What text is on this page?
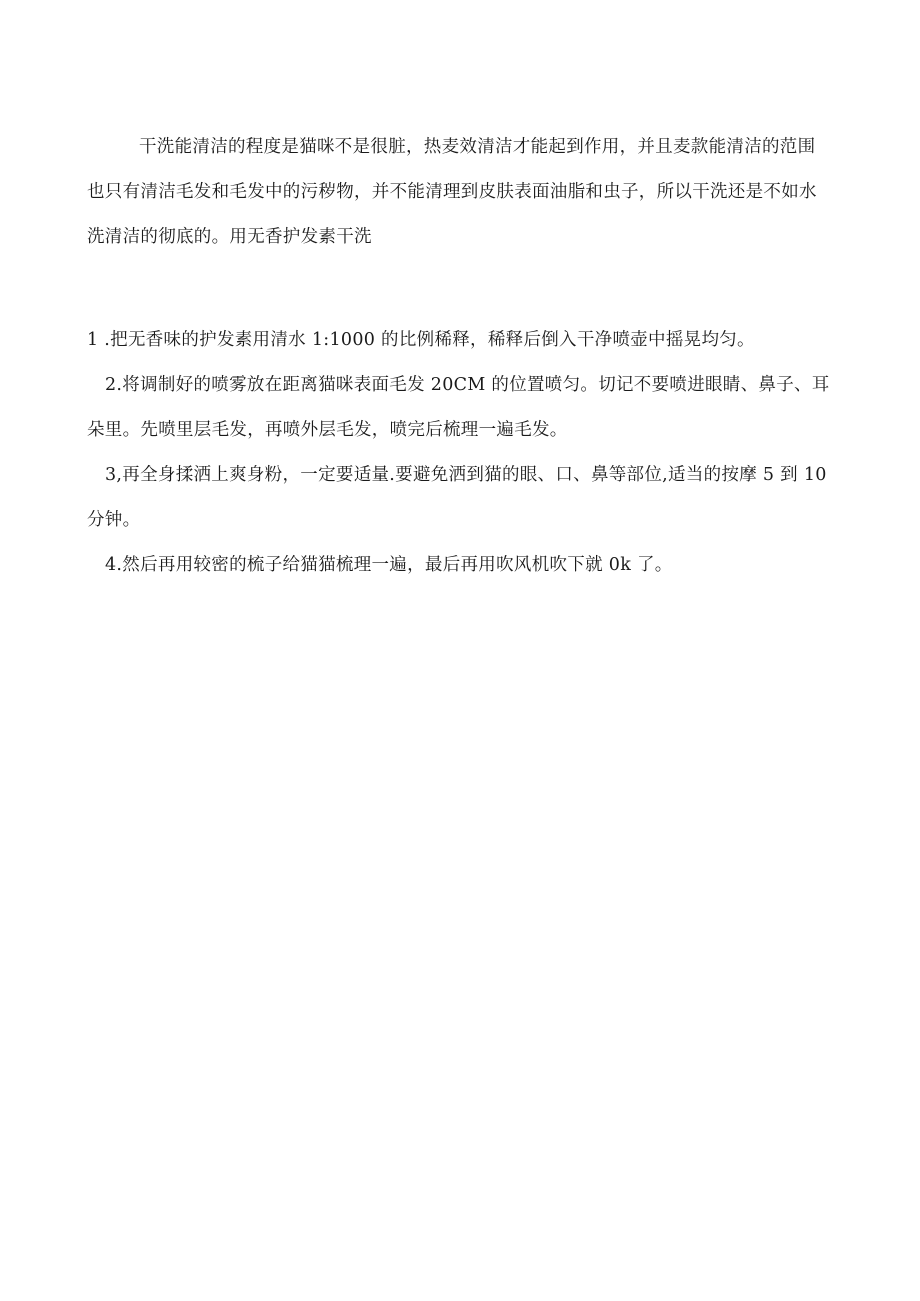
干洗能清洁的程度是猫咪不是很脏，热麦效清洁才能起到作用，并且麦款能清洁的范围也只有清洁毛发和毛发中的污秽物，并不能清理到皮肤表面油脂和虫子，所以干洗还是不如水洗清洁的彻底的。用无香护发素干洗

1 .把无香味的护发素用清水 1:1000 的比例稀释，稀释后倒入干净喷壶中摇晃均匀。

2.将调制好的喷雾放在距离猫咪表面毛发 20CM 的位置喷匀。切记不要喷进眼睛、鼻子、耳朵里。先喷里层毛发，再喷外层毛发，喷完后梳理一遍毛发。

3,再全身揉洒上爽身粉，一定要适量.要避免洒到猫的眼、口、鼻等部位,适当的按摩 5 到 10 分钟。

4.然后再用较密的梳子给猫猫梳理一遍，最后再用吹风机吹下就 0k 了。
